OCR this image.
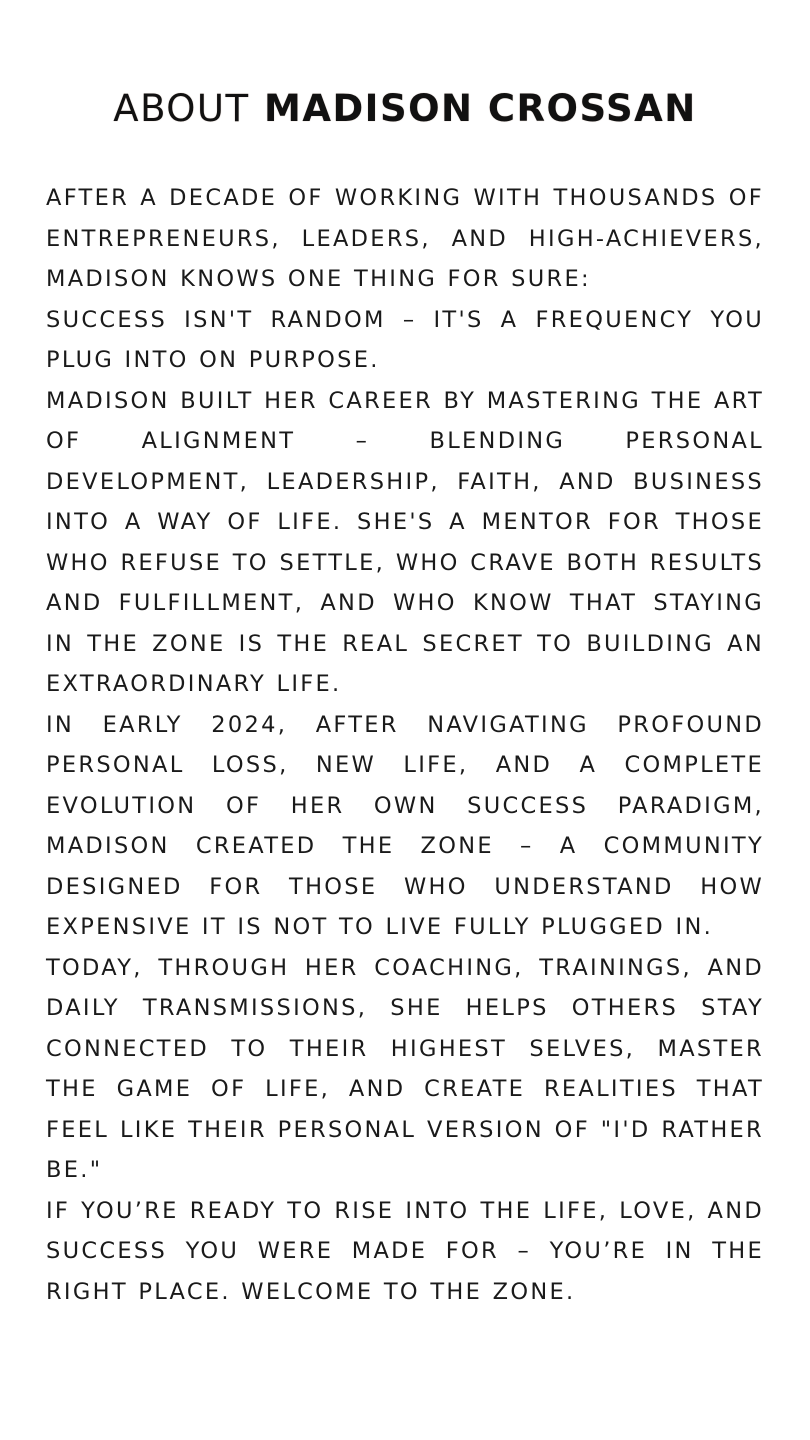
ABOUT MADISON CROSSAN

AFTER A DECADE OF WORKING WITH THOUSANDS OF ENTREPRENEURS, LEADERS, AND HIGH-ACHIEVERS, MADISON KNOWS ONE THING FOR SURE:

SUCCESS ISN'T RANDOM – IT'S A FREQUENCY YOU PLUG INTO ON PURPOSE.

MADISON BUILT HER CAREER BY MASTERING THE ART OF ALIGNMENT – BLENDING PERSONAL DEVELOPMENT, LEADERSHIP, FAITH, AND BUSINESS INTO A WAY OF LIFE. SHE'S A MENTOR FOR THOSE WHO REFUSE TO SETTLE, WHO CRAVE BOTH RESULTS AND FULFILLMENT, AND WHO KNOW THAT STAYING IN THE ZONE IS THE REAL SECRET TO BUILDING AN EXTRAORDINARY LIFE.

IN EARLY 2024, AFTER NAVIGATING PROFOUND PERSONAL LOSS, NEW LIFE, AND A COMPLETE EVOLUTION OF HER OWN SUCCESS PARADIGM, MADISON CREATED THE ZONE – A COMMUNITY DESIGNED FOR THOSE WHO UNDERSTAND HOW EXPENSIVE IT IS NOT TO LIVE FULLY PLUGGED IN.

TODAY, THROUGH HER COACHING, TRAININGS, AND DAILY TRANSMISSIONS, SHE HELPS OTHERS STAY CONNECTED TO THEIR HIGHEST SELVES, MASTER THE GAME OF LIFE, AND CREATE REALITIES THAT FEEL LIKE THEIR PERSONAL VERSION OF "I'D RATHER BE."

IF YOU’RE READY TO RISE INTO THE LIFE, LOVE, AND SUCCESS YOU WERE MADE FOR – YOU’RE IN THE RIGHT PLACE. WELCOME TO THE ZONE.
